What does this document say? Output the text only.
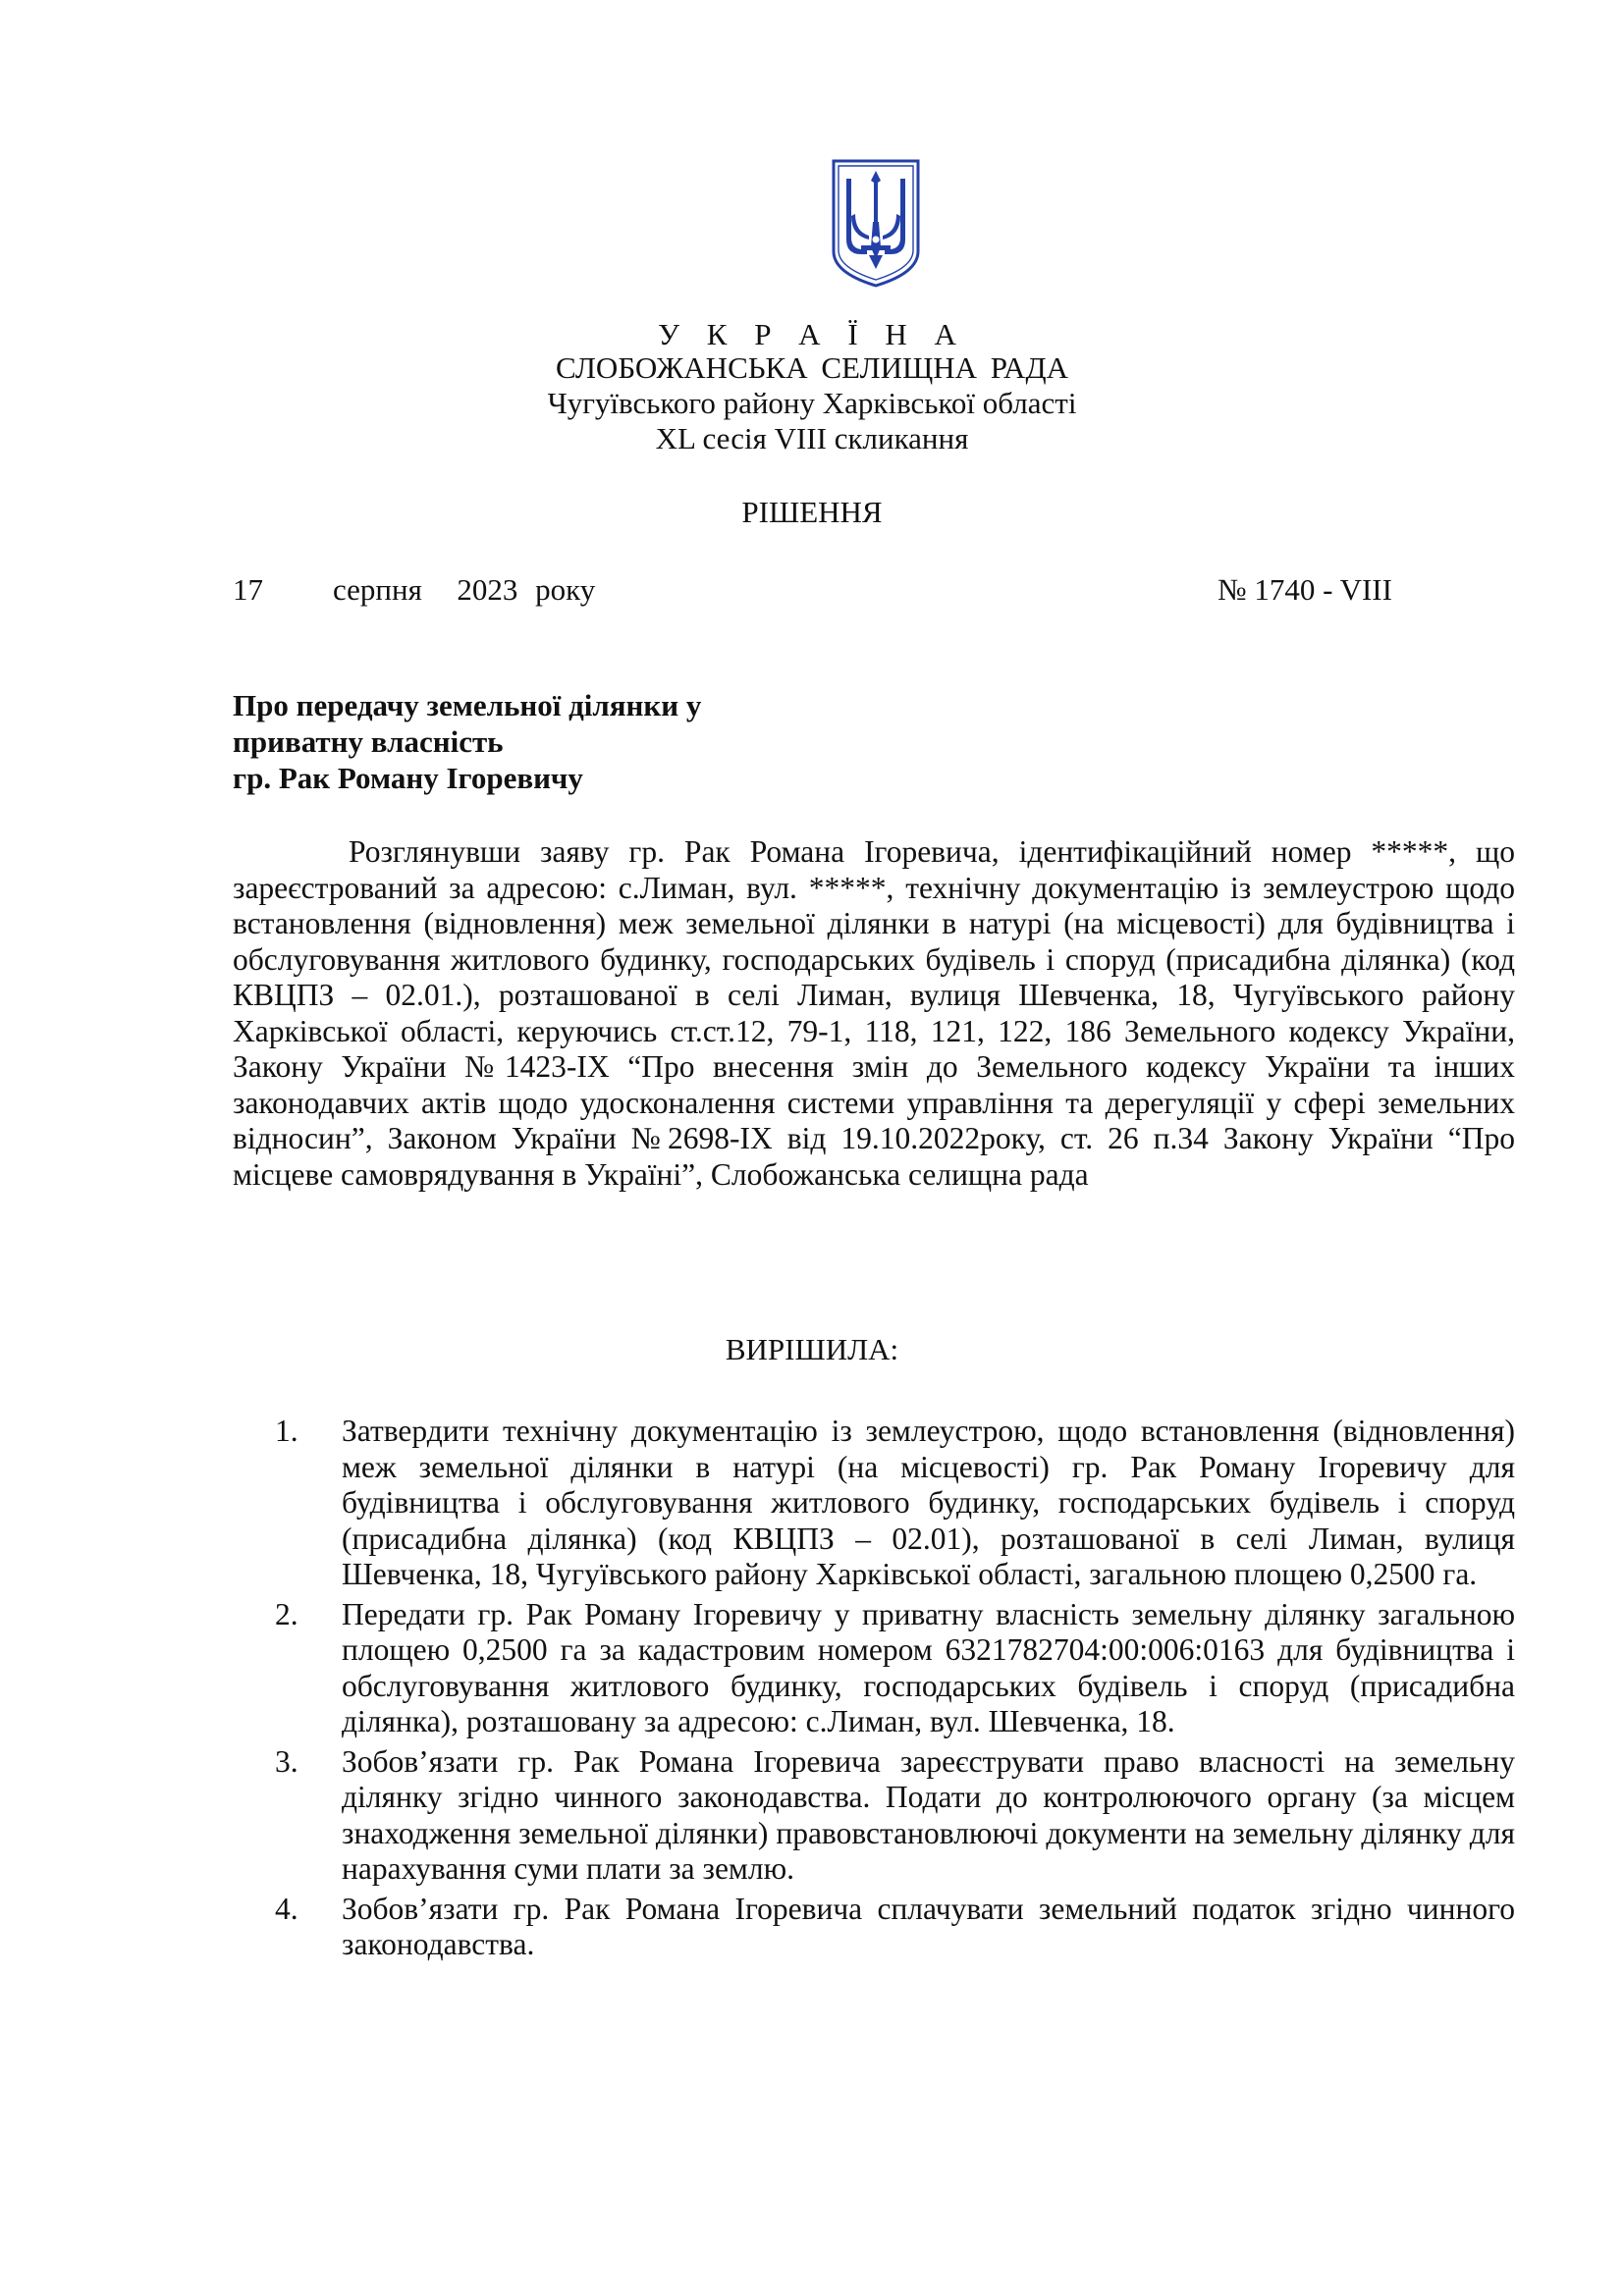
У К Р А Ї Н А
СЛОБОЖАНСЬКА СЕЛИЩНА РАДА
Чугуївського району Харківської області
XL сесія VIII скликання
РІШЕННЯ
17    серпня  2023 року	№ 1740 - VIII
Про передачу земельної ділянки у
приватну власність
гр. Рак Роману Ігоревичу
Розглянувши заяву гр. Рак Романа Ігоревича, ідентифікаційний номер *****, що зареєстрований за адресою: с.Лиман, вул. *****, технічну документацію із землеустрою щодо встановлення (відновлення) меж земельної ділянки в натурі (на місцевості) для будівництва і обслуговування житлового будинку, господарських будівель і споруд (присадибна ділянка) (код КВЦПЗ – 02.01.), розташованої в селі Лиман, вулиця Шевченка, 18, Чугуївського району Харківської області, керуючись ст.ст.12, 79-1, 118, 121, 122, 186 Земельного кодексу України, Закону України №1423-IX “Про внесення змін до Земельного кодексу України та інших законодавчих актів щодо удосконалення системи управління та дерегуляції у сфері земельних відносин”, Законом України №2698-IX від 19.10.2022року, ст. 26 п.34 Закону України “Про місцеве самоврядування в Україні”, Слобожанська селищна рада
ВИРІШИЛА:
1. Затвердити технічну документацію із землеустрою, щодо встановлення (відновлення) меж земельної ділянки в натурі (на місцевості) гр. Рак Роману Ігоревичу для будівництва і обслуговування житлового будинку, господарських будівель і споруд (присадибна ділянка) (код КВЦПЗ – 02.01), розташованої в селі Лиман, вулиця Шевченка, 18, Чугуївського району Харківської області, загальною площею 0,2500 га.
2. Передати гр. Рак Роману Ігоревичу у приватну власність земельну ділянку загальною площею 0,2500 га за кадастровим номером 6321782704:00:006:0163 для будівництва і обслуговування житлового будинку, господарських будівель і споруд (присадибна ділянка), розташовану за адресою: с.Лиман, вул. Шевченка, 18.
3. Зобов’язати гр. Рак Романа Ігоревича зареєструвати право власності на земельну ділянку згідно чинного законодавства. Подати до контролюючого органу (за місцем знаходження земельної ділянки) правовстановлюючі документи на земельну ділянку для нарахування суми плати за землю.
4. Зобов’язати гр. Рак Романа Ігоревича сплачувати земельний податок згідно чинного законодавства.
